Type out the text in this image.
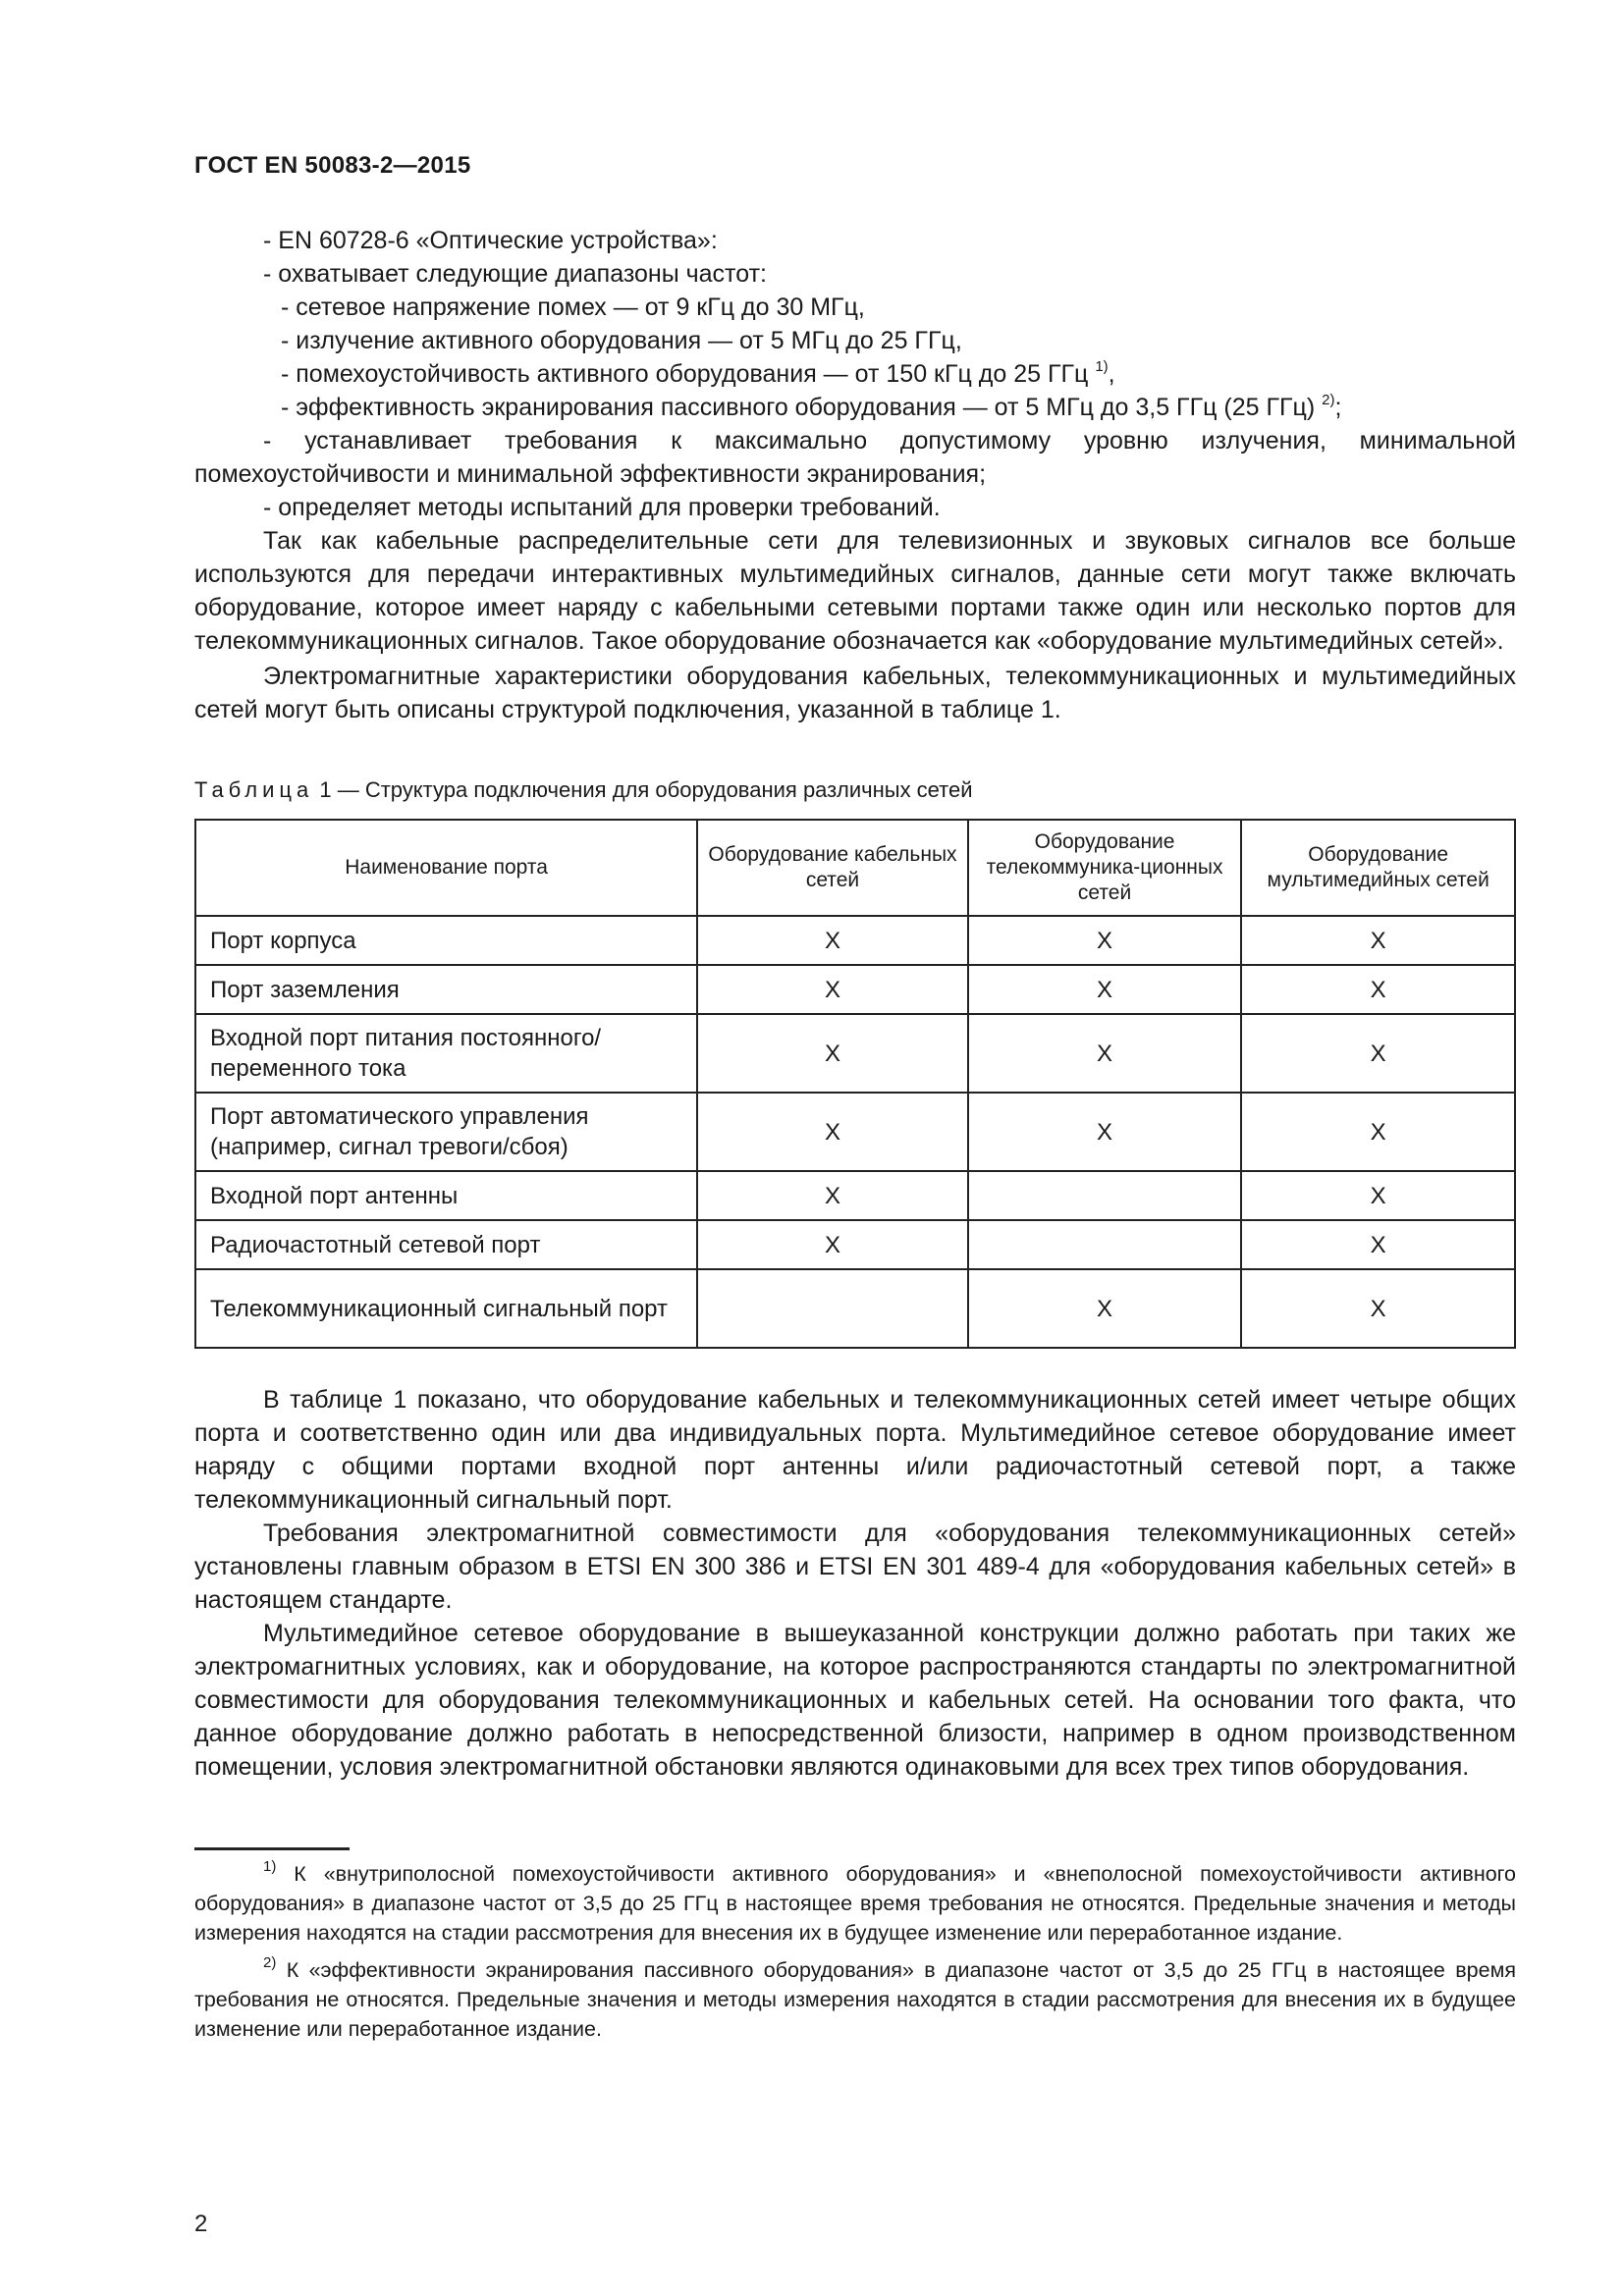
ГОСТ EN 50083-2—2015
- EN 60728-6 «Оптические устройства»:
- охватывает следующие диапазоны частот:
- сетевое напряжение помех — от 9 кГц до 30 МГц,
- излучение активного оборудования — от 5 МГц до 25 ГГц,
- помехоустойчивость активного оборудования — от 150 кГц до 25 ГГц $^{1)}$,
- эффективность экранирования пассивного оборудования — от 5 МГц до 3,5 ГГц (25 ГГц) $^{2)}$;

- устанавливает требования к максимально допустимому уровню излучения, минимальной помехоустойчивости и минимальной эффективности экранирования;

- определяет методы испытаний для проверки требований.

Так как кабельные распределительные сети для телевизионных и звуковых сигналов все больше используются для передачи интерактивных мультимедийных сигналов, данные сети могут также включать оборудование, которое имеет наряду с кабельными сетевыми портами также один или несколько портов для телекоммуникационных сигналов. Такое оборудование обозначается как «оборудование мультимедийных сетей».

Электромагнитные характеристики оборудования кабельных, телекоммуникационных и мультимедийных сетей могут быть описаны структурой подключения, указанной в таблице 1.

Таблица 1 — Структура подключения для оборудования различных сетей
Наименование порта	Оборудование кабельных сетей	Оборудование телекоммуника-ционных сетей	Оборудование мультимедийных сетей
Порт корпуса	X	X	X
Порт заземления	X	X	X
Входной порт питания постоянного/ переменного тока	X	X	X
Порт автоматического управления (например, сигнал тревоги/сбоя)	X	X	X
Входной порт антенны	X		X
Радиочастотный сетевой порт	X		X
Телекоммуникационный сигнальный порт		X	X

В таблице 1 показано, что оборудование кабельных и телекоммуникационных сетей имеет четыре общих порта и соответственно один или два индивидуальных порта. Мультимедийное сетевое оборудование имеет наряду с общими портами входной порт антенны и/или радиочастотный сетевой порт, а также телекоммуникационный сигнальный порт.

Требования электромагнитной совместимости для «оборудования телекоммуникационных сетей» установлены главным образом в ETSI EN 300 386 и ETSI EN 301 489-4 для «оборудования кабельных сетей» в настоящем стандарте.

Мультимедийное сетевое оборудование в вышеуказанной конструкции должно работать при таких же электромагнитных условиях, как и оборудование, на которое распространяются стандарты по электромагнитной совместимости для оборудования телекоммуникационных и кабельных сетей. На основании того факта, что данное оборудование должно работать в непосредственной близости, например в одном производственном помещении, условия электромагнитной обстановки являются одинаковыми для всех трех типов оборудования.

$^{1)}$ К «внутриполосной помехоустойчивости активного оборудования» и «внеполосной помехоустойчивости активного оборудования» в диапазоне частот от 3,5 до 25 ГГц в настоящее время требования не относятся. Предельные значения и методы измерения находятся на стадии рассмотрения для внесения их в будущее изменение или переработанное издание.

$^{2)}$ К «эффективности экранирования пассивного оборудования» в диапазоне частот от 3,5 до 25 ГГц в настоящее время требования не относятся. Предельные значения и методы измерения находятся в стадии рассмотрения для внесения их в будущее изменение или переработанное издание.

2
